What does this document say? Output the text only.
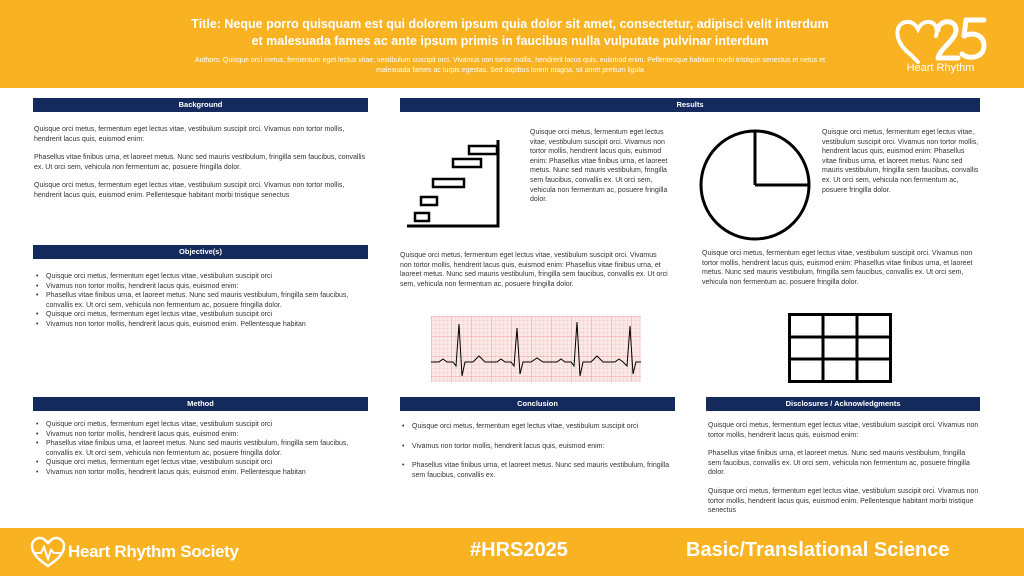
Title: Neque porro quisquam est qui dolorem ipsum quia dolor sit amet, consectetur, adipisci velit interdum et malesuada fames ac ante ipsum primis in faucibus nulla vulputate pulvinar interdum
Authors: Quisque orci metus, fermentum eget lectus vitae, vestibulum suscipit orci. Vivamus non tortor mollis, hendrerit lacus quis, euismod enim. Pellentesque habitant morbi tristique senectus et netus et malesuada fames ac turpis egestas. Sed dapibus lorem magna, sit amet pretium ligula	Heart Rhythm
Background

Quisque orci metus, fermentum eget lectus vitae, vestibulum suscipit orci. Vivamus non tortor mollis, hendrerit lacus quis, euismod enim:

Phasellus vitae finibus urna, et laoreet metus. Nunc sed mauris vestibulum, fringilla sem faucibus, convallis ex. Ut orci sem, vehicula non fermentum ac, posuere fringilla dolor.

Quisque orci metus, fermentum eget lectus vitae, vestibulum suscipit orci. Vivamus non tortor mollis, hendrerit lacus quis, euismod enim. Pellentesque habitant morbi tristique senectus

Objective(s)
• Quisque orci metus, fermentum eget lectus vitae, vestibulum suscipit orci
• Vivamus non tortor mollis, hendrerit lacus quis, euismod enim:
• Phasellus vitae finibus urna, et laoreet metus. Nunc sed mauris vestibulum, fringilla sem faucibus, convallis ex. Ut orci sem, vehicula non fermentum ac, posuere fringilla dolor.
• Quisque orci metus, fermentum eget lectus vitae, vestibulum suscipit orci
• Vivamus non tortor mollis, hendrerit lacus quis, euismod enim. Pellentesque habitan
Method
• Quisque orci metus, fermentum eget lectus vitae, vestibulum suscipit orci
• Vivamus non tortor mollis, hendrerit lacus quis, euismod enim:
• Phasellus vitae finibus urna, et laoreet metus. Nunc sed mauris vestibulum, fringilla sem faucibus, convallis ex. Ut orci sem, vehicula non fermentum ac, posuere fringilla dolor.
• Quisque orci metus, fermentum eget lectus vitae, vestibulum suscipit orci
• Vivamus non tortor mollis, hendrerit lacus quis, euismod enim. Pellentesque habitan
Results
Quisque orci metus, fermentum eget lectus vitae, vestibulum suscipit orci. Vivamus non tortor mollis, hendrerit lacus quis, euismod enim: Phasellus vitae finibus urna, et laoreet metus. Nunc sed mauris vestibulum, fringilla sem faucibus, convallis ex. Ut orci sem, vehicula non fermentum ac, posuere fringilla dolor.
Quisque orci metus, fermentum eget lectus vitae, vestibulum suscipit orci. Vivamus non tortor mollis, hendrerit lacus quis, euismod enim: Phasellus vitae finibus urna, et laoreet metus. Nunc sed mauris vestibulum, fringilla sem faucibus, convallis ex. Ut orci sem, vehicula non fermentum ac, posuere fringilla dolor.
Quisque orci metus, fermentum eget lectus vitae, vestibulum suscipit orci. Vivamus non tortor mollis, hendrerit lacus quis, euismod enim: Phasellus vitae finibus urna, et laoreet metus. Nunc sed mauris vestibulum, fringilla sem faucibus, convallis ex. Ut orci sem, vehicula non fermentum ac, posuere fringilla dolor.
Quisque orci metus, fermentum eget lectus vitae, vestibulum suscipit orci. Vivamus non tortor mollis, hendrerit lacus quis, euismod enim: Phasellus vitae finibus urna, et laoreet metus. Nunc sed mauris vestibulum, fringilla sem faucibus, convallis ex. Ut orci sem, vehicula non fermentum ac, posuere fringilla dolor.
Conclusion
• Quisque orci metus, fermentum eget lectus vitae, vestibulum suscipit orci
• Vivamus non tortor mollis, hendrerit lacus quis, euismod enim:
• Phasellus vitae finibus urna, et laoreet metus. Nunc sed mauris vestibulum, fringilla sem faucibus, convallis ex.
Disclosures / Acknowledgments

Quisque orci metus, fermentum eget lectus vitae, vestibulum suscipit orci. Vivamus non tortor mollis, hendrerit lacus quis, euismod enim:

Phasellus vitae finibus urna, et laoreet metus. Nunc sed mauris vestibulum, fringilla sem faucibus, convallis ex. Ut orci sem, vehicula non fermentum ac, posuere fringilla dolor.

Quisque orci metus, fermentum eget lectus vitae, vestibulum suscipit orci. Vivamus non tortor mollis, hendrerit lacus quis, euismod enim. Pellentesque habitant morbi tristique senectus

Heart Rhythm Society	#HRS2025	Basic/Translational Science
